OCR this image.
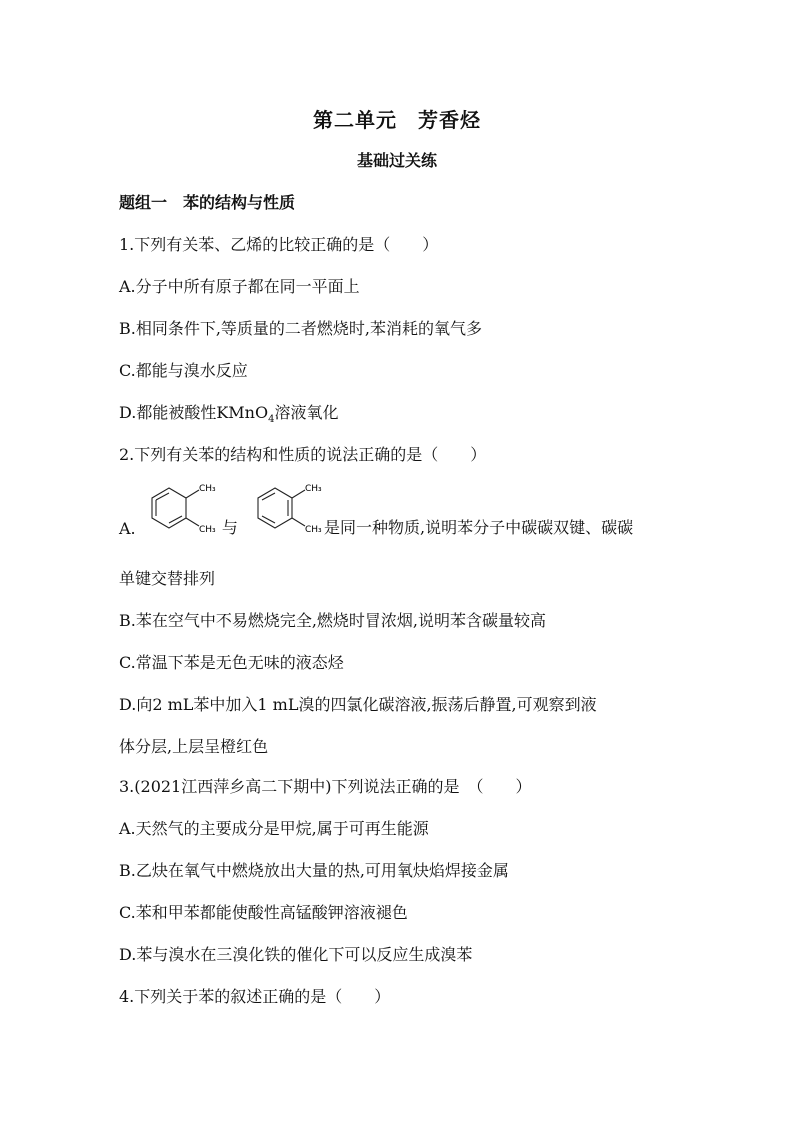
第二单元　芳香烃
基础过关练
题组一　苯的结构与性质
1.下列有关苯、乙烯的比较正确的是（　　）
A.分子中所有原子都在同一平面上
B.相同条件下,等质量的二者燃烧时,苯消耗的氧气多
C.都能与溴水反应
D.都能被酸性KMnO$_4$溶液氧化
2.下列有关苯的结构和性质的说法正确的是（　　）
A.
CH₃
CH₃ 与
CH₃
CH₃ 是同一种物质,说明苯分子中碳碳双键、碳碳
单键交替排列
B.苯在空气中不易燃烧完全,燃烧时冒浓烟,说明苯含碳量较高
C.常温下苯是无色无味的液态烃
D.向2 mL苯中加入1 mL溴的四氯化碳溶液,振荡后静置,可观察到液
体分层,上层呈橙红色
3.(2021江西萍乡高二下期中)下列说法正确的是　（　　）
A.天然气的主要成分是甲烷,属于可再生能源
B.乙炔在氧气中燃烧放出大量的热,可用氧炔焰焊接金属
C.苯和甲苯都能使酸性高锰酸钾溶液褪色
D.苯与溴水在三溴化铁的催化下可以反应生成溴苯
4.下列关于苯的叙述正确的是（　　）
